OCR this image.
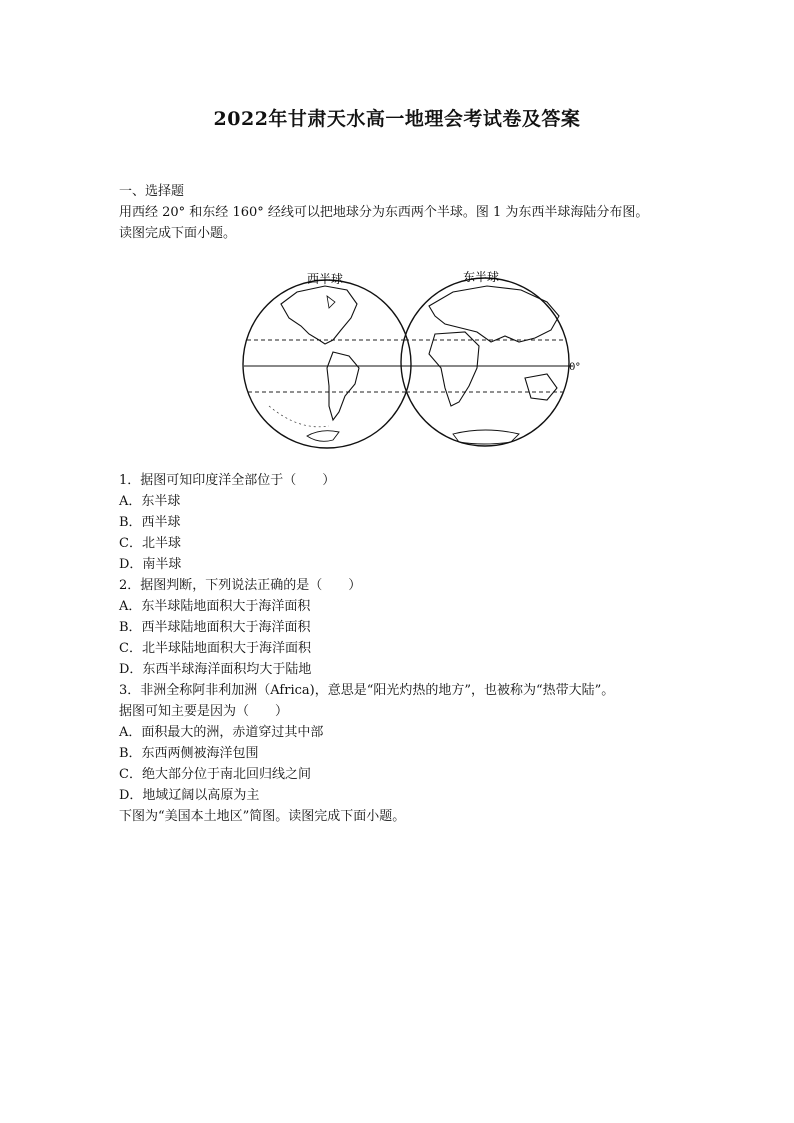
2022年甘肃天水高一地理会考试卷及答案
一、选择题
用西经 20° 和东经 160° 经线可以把地球分为东西两个半球。图 1 为东西半球海陆分布图。
读图完成下面小题。
西半球	东半球
0°
1．据图可知印度洋全部位于（　　）
A．东半球
B．西半球
C．北半球
D．南半球
2．据图判断，下列说法正确的是（　　）
A．东半球陆地面积大于海洋面积
B．西半球陆地面积大于海洋面积
C．北半球陆地面积大于海洋面积
D．东西半球海洋面积均大于陆地
3．非洲全称阿非利加洲（Africa)，意思是“阳光灼热的地方”，也被称为“热带大陆”。
据图可知主要是因为（　　）
A．面积最大的洲，赤道穿过其中部
B．东西两侧被海洋包围
C．绝大部分位于南北回归线之间
D．地域辽阔以高原为主
下图为“美国本土地区”简图。读图完成下面小题。
